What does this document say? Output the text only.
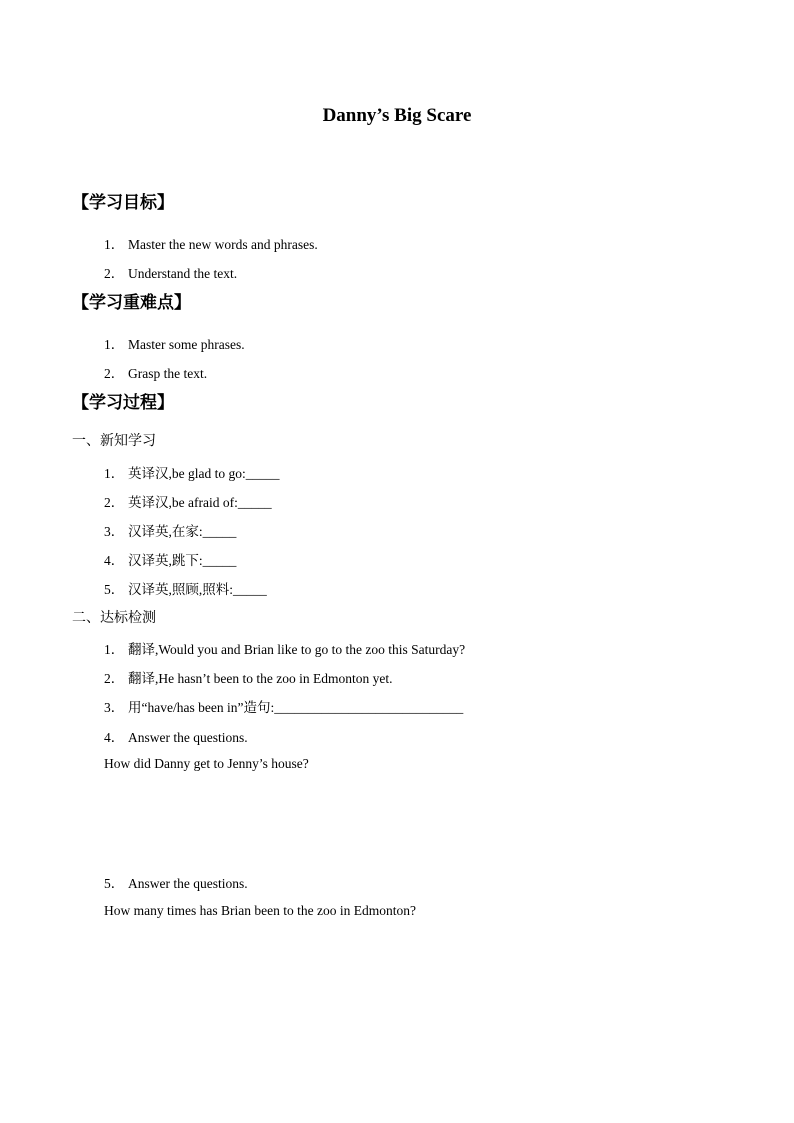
Danny’s Big Scare
【学习目标】
1． Master the new words and phrases.
2． Understand the text.
【学习重难点】
1． Master some phrases.
2． Grasp the text.
【学习过程】
一、新知学习
1． 英译汉,be glad to go:_____
2． 英译汉,be afraid of:_____
3． 汉译英,在家:_____
4． 汉译英,跳下:_____
5． 汉译英,照顾,照料:_____
二、达标检测
1． 翻译,Would you and Brian like to go to the zoo this Saturday?
2． 翻译,He hasn’t been to the zoo in Edmonton yet.
3． 用“have/has been in”造句:____________________________
4． Answer the questions.
How did Danny get to Jenny’s house?
5． Answer the questions.
How many times has Brian been to the zoo in Edmonton?
